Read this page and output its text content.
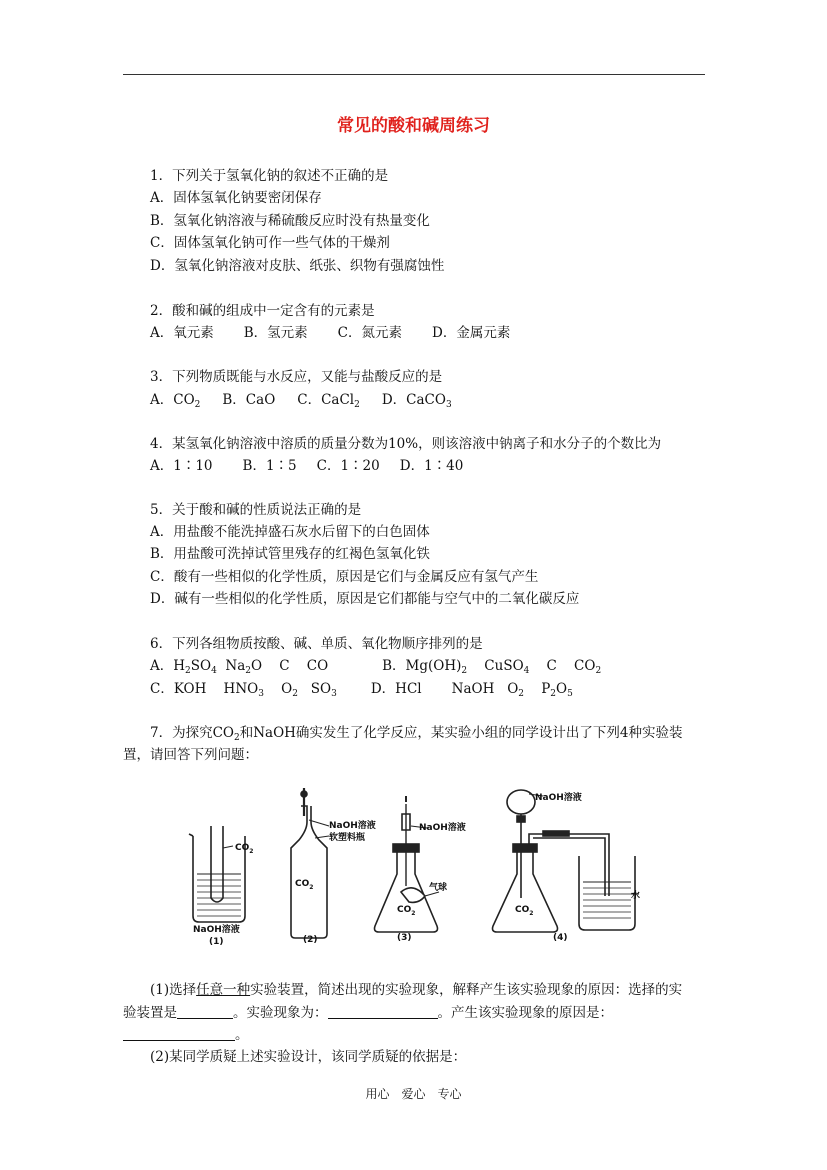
常见的酸和碱周练习
1．下列关于氢氧化钠的叙述不正确的是
A．固体氢氧化钠要密闭保存
B．氢氧化钠溶液与稀硫酸反应时没有热量变化
C．固体氢氧化钠可作一些气体的干燥剂
D．氢氧化钠溶液对皮肤、纸张、织物有强腐蚀性
2．酸和碱的组成中一定含有的元素是
A．氧元素 B．氢元素 C．氮元素 D．金属元素
3．下列物质既能与水反应，又能与盐酸反应的是
A．$CO_2$ B．CaO C．CaCl$_2$ D．CaCO$_3$
4．某氢氧化钠溶液中溶质的质量分数为10%，则该溶液中钠离子和水分子的个数比为
A．1∶10 B．1∶5 C．1∶20 D．1∶40
5．关于酸和碱的性质说法正确的是
A．用盐酸不能洗掉盛石灰水后留下的白色固体
B．用盐酸可洗掉试管里残存的红褐色氢氧化铁
C．酸有一些相似的化学性质，原因是它们与金属反应有氢气产生
D．碱有一些相似的化学性质，原因是它们都能与空气中的二氧化碳反应
6．下列各组物质按酸、碱、单质、氧化物顺序排列的是
A．$H_2SO_4$  $Na_2O$    C    CO	B．$Mg(OH)_2$    CuSO$_4$    C    $CO_2$
C．KOH    $HNO_3$    $O_2$   $SO_3$	D．HCl       NaOH   $O_2$    $P_2O_5$
7．为探究$CO_2$和NaOH确实发生了化学反应，某实验小组的同学设计出了下列4种实验装
置，请回答下列问题：
$CO_2$
NaOH溶液
(1)
NaOH溶液
软塑料瓶
$CO_2$
(2)
NaOH溶液
气球
$CO_2$
(3)
NaOH溶液
$CO_2$
水
(4)
(1)选择任意一种实验装置，简述出现的实验现象，解释产生该实验现象的原因：选择的实
验装置是	。实验现象为：	。产生该实验现象的原因是：
。
(2)某同学质疑上述实验设计，该同学质疑的依据是：
用心　爱心　专心
